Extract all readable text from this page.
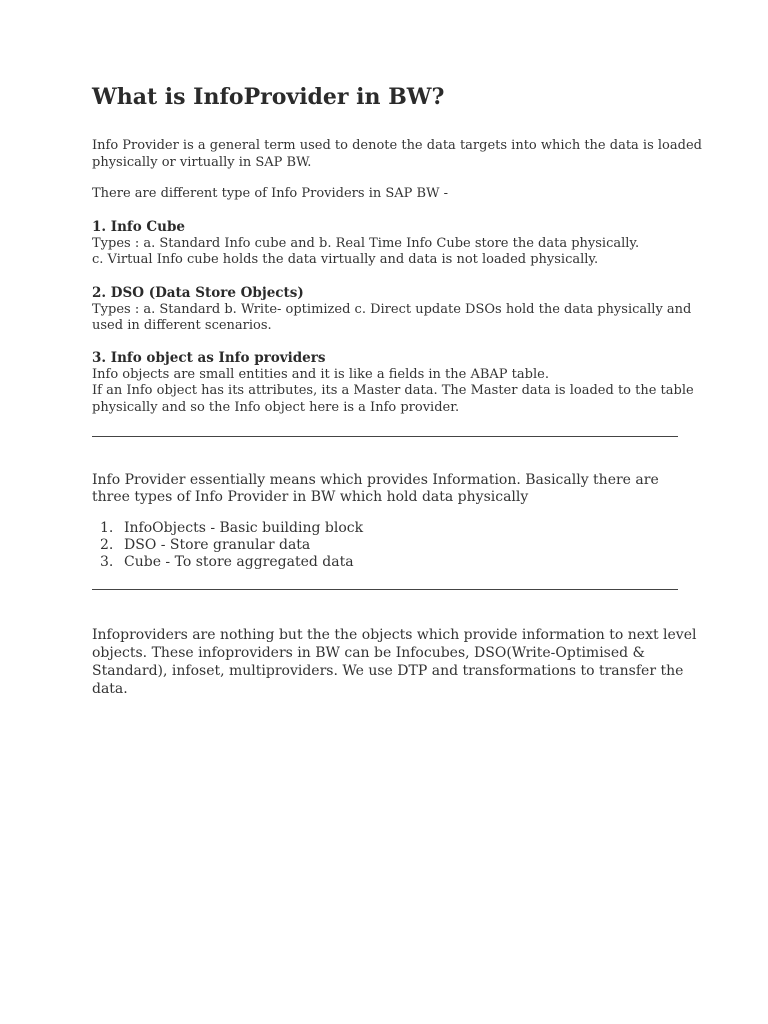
What is InfoProvider in BW?

Info Provider is a general term used to denote the data targets into which the data is loaded
physically or virtually in SAP BW.

There are different type of Info Providers in SAP BW -

1. Info Cube
Types : a. Standard Info cube and b. Real Time Info Cube store the data physically.
c. Virtual Info cube holds the data virtually and data is not loaded physically.
2. DSO (Data Store Objects)
Types : a. Standard b. Write- optimized c. Direct update DSOs hold the data physically and
used in different scenarios.
3. Info object as Info providers
Info objects are small entities and it is like a fields in the ABAP table.
If an Info object has its attributes, its a Master data. The Master data is loaded to the table
physically and so the Info object here is a Info provider.

Info Provider essentially means which provides Information. Basically there are
three types of Info Provider in BW which hold data physically

1. InfoObjects - Basic building block
2. DSO - Store granular data
3. Cube - To store aggregated data

Infoproviders are nothing but the the objects which provide information to next level
objects. These infoproviders in BW can be Infocubes, DSO(Write-Optimised &
Standard), infoset, multiproviders. We use DTP and transformations to transfer the
data.
